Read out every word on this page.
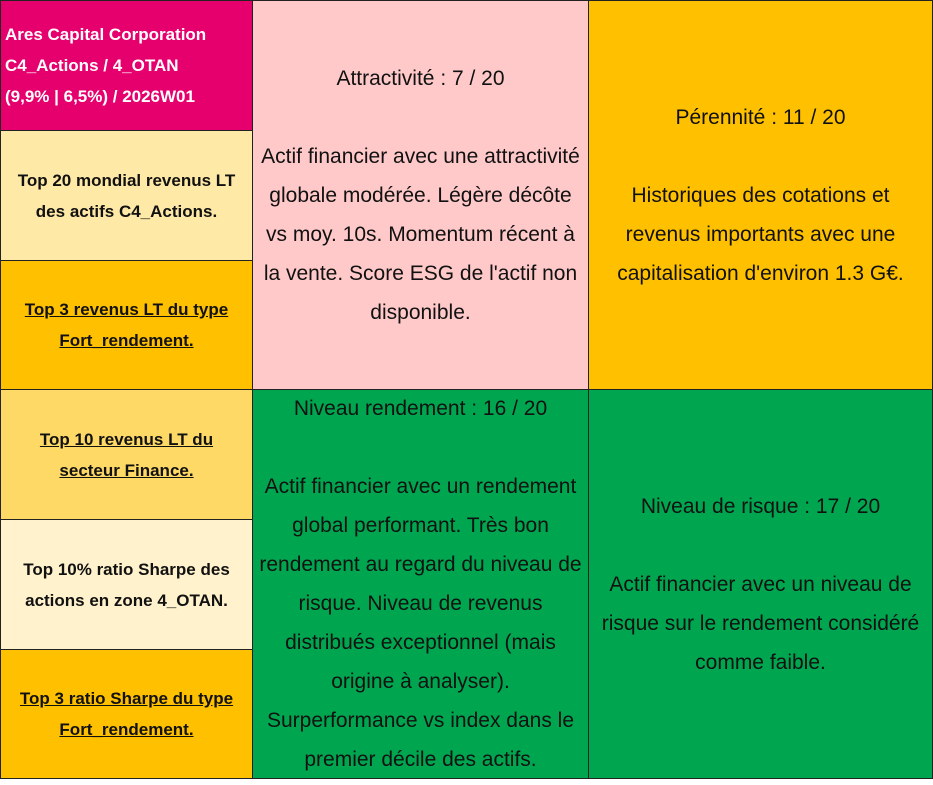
Ares Capital Corporation
C4_Actions / 4_OTAN
(9,9% | 6,5%) / 2026W01
Top 20 mondial revenus LT des actifs C4_Actions.
Top 3 revenus LT du type Fort_rendement.
Top 10 revenus LT du secteur Finance.
Top 10% ratio Sharpe des actions en zone 4_OTAN.
Top 3 ratio Sharpe du type Fort_rendement.
Attractivité : 7 / 20
Actif financier avec une attractivité globale modérée. Légère décôte vs moy. 10s. Momentum récent à la vente. Score ESG de l'actif non disponible.
Pérennité : 11 / 20
Historiques des cotations et revenus importants avec une capitalisation d'environ 1.3 G€.
Niveau rendement : 16 / 20
Actif financier avec un rendement global performant. Très bon rendement au regard du niveau de risque. Niveau de revenus distribués exceptionnel (mais origine à analyser). Surperformance vs index dans le premier décile des actifs.
Niveau de risque : 17 / 20
Actif financier avec un niveau de risque sur le rendement considéré comme faible.
